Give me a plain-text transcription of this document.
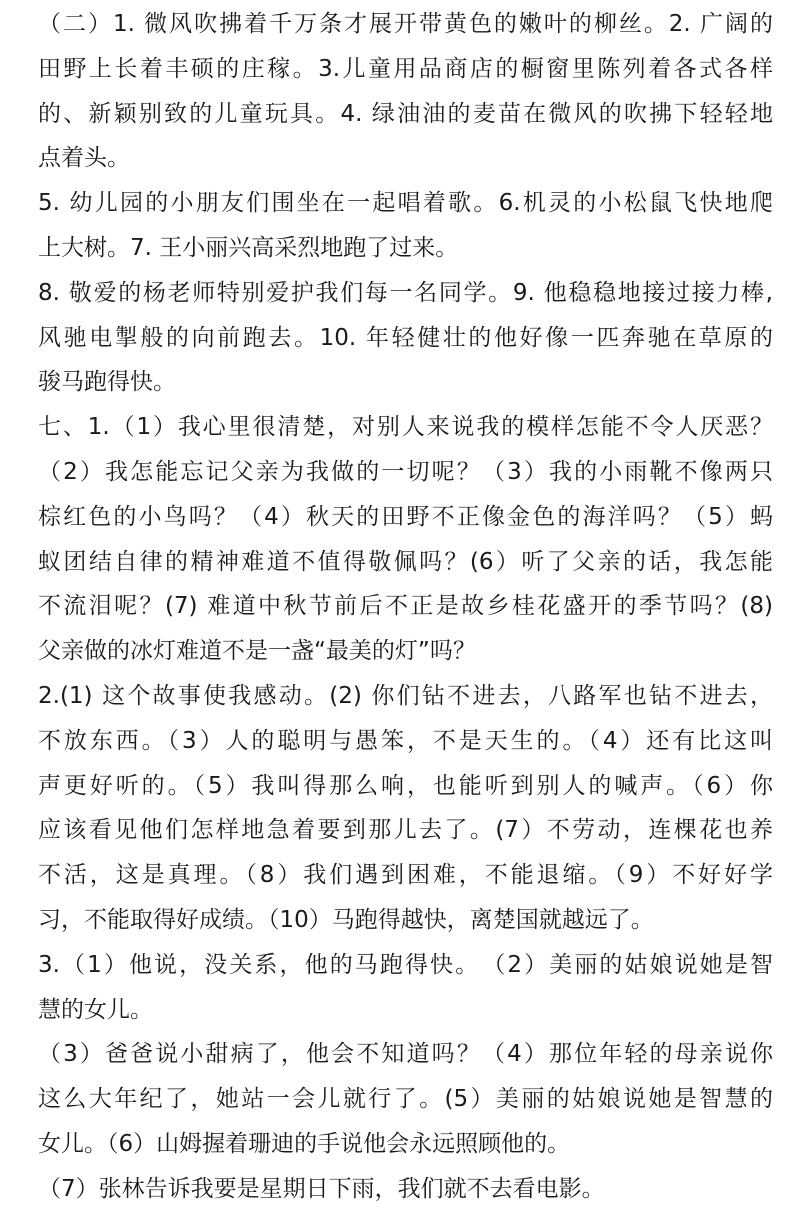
（二）1. 微风吹拂着千万条才展开带黄色的嫩叶的柳丝。2. 广阔的
田野上长着丰硕的庄稼。3.儿童用品商店的橱窗里陈列着各式各样
的、新颖别致的儿童玩具。4. 绿油油的麦苗在微风的吹拂下轻轻地
点着头。
5. 幼儿园的小朋友们围坐在一起唱着歌。6.机灵的小松鼠飞快地爬
上大树。7. 王小丽兴高采烈地跑了过来。
8. 敬爱的杨老师特别爱护我们每一名同学。9. 他稳稳地接过接力棒,
风驰电掣般的向前跑去。10. 年轻健壮的他好像一匹奔驰在草原的
骏马跑得快。
七、1.（1）我心里很清楚，对别人来说我的模样怎能不令人厌恶？
（2）我怎能忘记父亲为我做的一切呢？（3）我的小雨靴不像两只
棕红色的小鸟吗？（4）秋天的田野不正像金色的海洋吗？（5）蚂
蚁团结自律的精神难道不值得敬佩吗？(6）听了父亲的话，我怎能
不流泪呢？(7) 难道中秋节前后不正是故乡桂花盛开的季节吗？(8)
父亲做的冰灯难道不是一盏“最美的灯”吗？
2.(1) 这个故事使我感动。(2) 你们钻不进去，八路军也钻不进去，
不放东西。（3）人的聪明与愚笨，不是天生的。（4）还有比这叫
声更好听的。（5）我叫得那么响，也能听到别人的喊声。（6）你
应该看见他们怎样地急着要到那儿去了。(7）不劳动，连棵花也养
不活，这是真理。（8）我们遇到困难，不能退缩。（9）不好好学
习，不能取得好成绩。（10）马跑得越快，离楚国就越远了。
3.（1）他说，没关系，他的马跑得快。　（2）美丽的姑娘说她是智
慧的女儿。
（3）爸爸说小甜病了，他会不知道吗？（4）那位年轻的母亲说你
这么大年纪了，她站一会儿就行了。(5）美丽的姑娘说她是智慧的
女儿。（6）山姆握着珊迪的手说他会永远照顾他的。
（7）张林告诉我要是星期日下雨，我们就不去看电影。
